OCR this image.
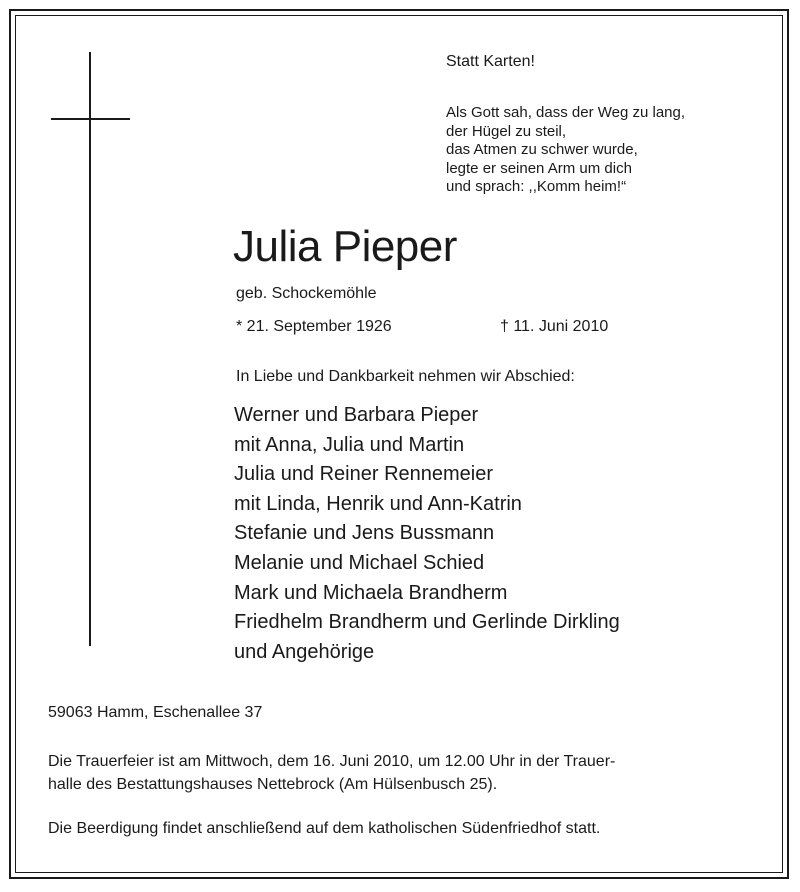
Statt Karten!
Als Gott sah, dass der Weg zu lang,
der Hügel zu steil,
das Atmen zu schwer wurde,
legte er seinen Arm um dich
und sprach: ,,Komm heim!“
Julia Pieper
geb. Schockemöhle
* 21. September 1926	† 11. Juni 2010
In Liebe und Dankbarkeit nehmen wir Abschied:
Werner und Barbara Pieper
mit Anna, Julia und Martin
Julia und Reiner Rennemeier
mit Linda, Henrik und Ann-Katrin
Stefanie und Jens Bussmann
Melanie und Michael Schied
Mark und Michaela Brandherm
Friedhelm Brandherm und Gerlinde Dirkling
und Angehörige
59063 Hamm, Eschenallee 37
Die Trauerfeier ist am Mittwoch, dem 16. Juni 2010, um 12.00 Uhr in der Trauer-
halle des Bestattungshauses Nettebrock (Am Hülsenbusch 25).
Die Beerdigung findet anschließend auf dem katholischen Südenfriedhof statt.
